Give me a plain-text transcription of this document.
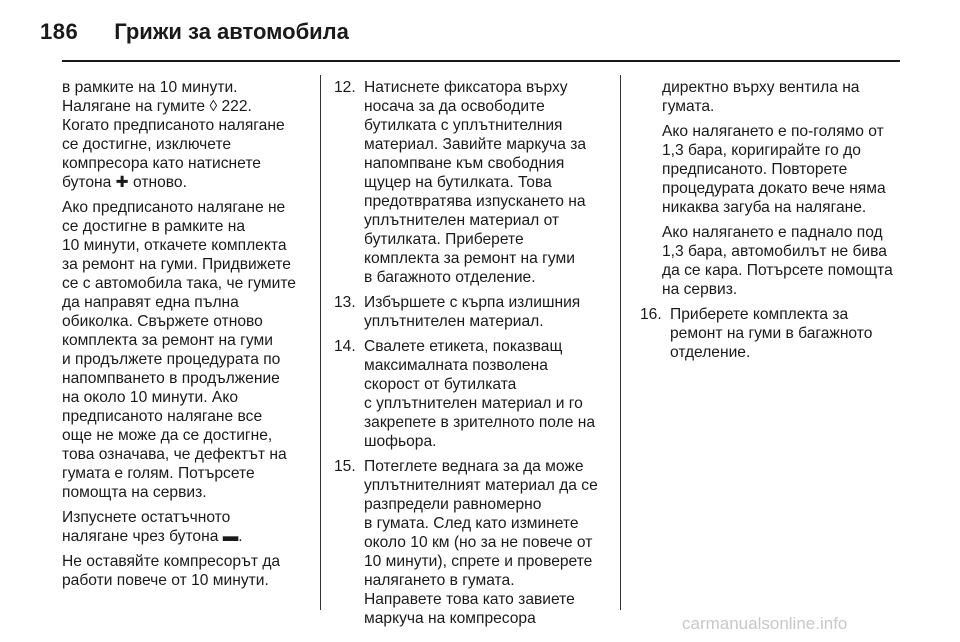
186 Грижи за автомобила

в рамките на 10 минути.
Налягане на гумите ◊ 222.
Когато предписаното налягане
се достигне, изключете
компресора като натиснете
бутона ✚ отново.

Ако предписаното налягане не
се достигне в рамките на
10 минути, откачете комплекта
за ремонт на гуми. Придвижете
се с автомобила така, че гумите
да направят една пълна
обиколка. Свържете отново
комплекта за ремонт на гуми
и продължете процедурата по
напомпването в продължение
на около 10 минути. Ако
предписаното налягане все
още не може да се достигне,
това означава, че дефектът на
гумата е голям. Потърсете
помощта на сервиз.

Изпуснете остатъчното
налягане чрез бутона ▬.

Не оставяйте компресорът да
работи повече от 10 минути.

12. Натиснете фиксатора върху
носача за да освободите
бутилката с уплътнителния
материал. Завийте маркуча за
напомпване към свободния
щуцер на бутилката. Това
предотвратява изпускането на
уплътнителен материал от
бутилката. Приберете
комплекта за ремонт на гуми
в багажното отделение.
13. Избършете с кърпа излишния
уплътнителен материал.
14. Свалете етикета, показващ
максималната позволена
скорост от бутилката
с уплътнителен материал и го
закрепете в зрителното поле на
шофьора.
15. Потеглете веднага за да може
уплътнителният материал да се
разпредели равномерно
в гумата. След като изминете
около 10 км (но за не повече от
10 минути), спрете и проверете
налягането в гумата.
Направете това като завиете
маркуча на компресора

директно върху вентила на
гумата.

Ако налягането е по-голямо от
1,3 бара, коригирайте го до
предписаното. Повторете
процедурата докато вече няма
никаква загуба на налягане.

Ако налягането е паднало под
1,3 бара, автомобилът не бива
да се кара. Потърсете помощта
на сервиз.

16. Приберете комплекта за
ремонт на гуми в багажното
отделение.
carmanualsonline.info
